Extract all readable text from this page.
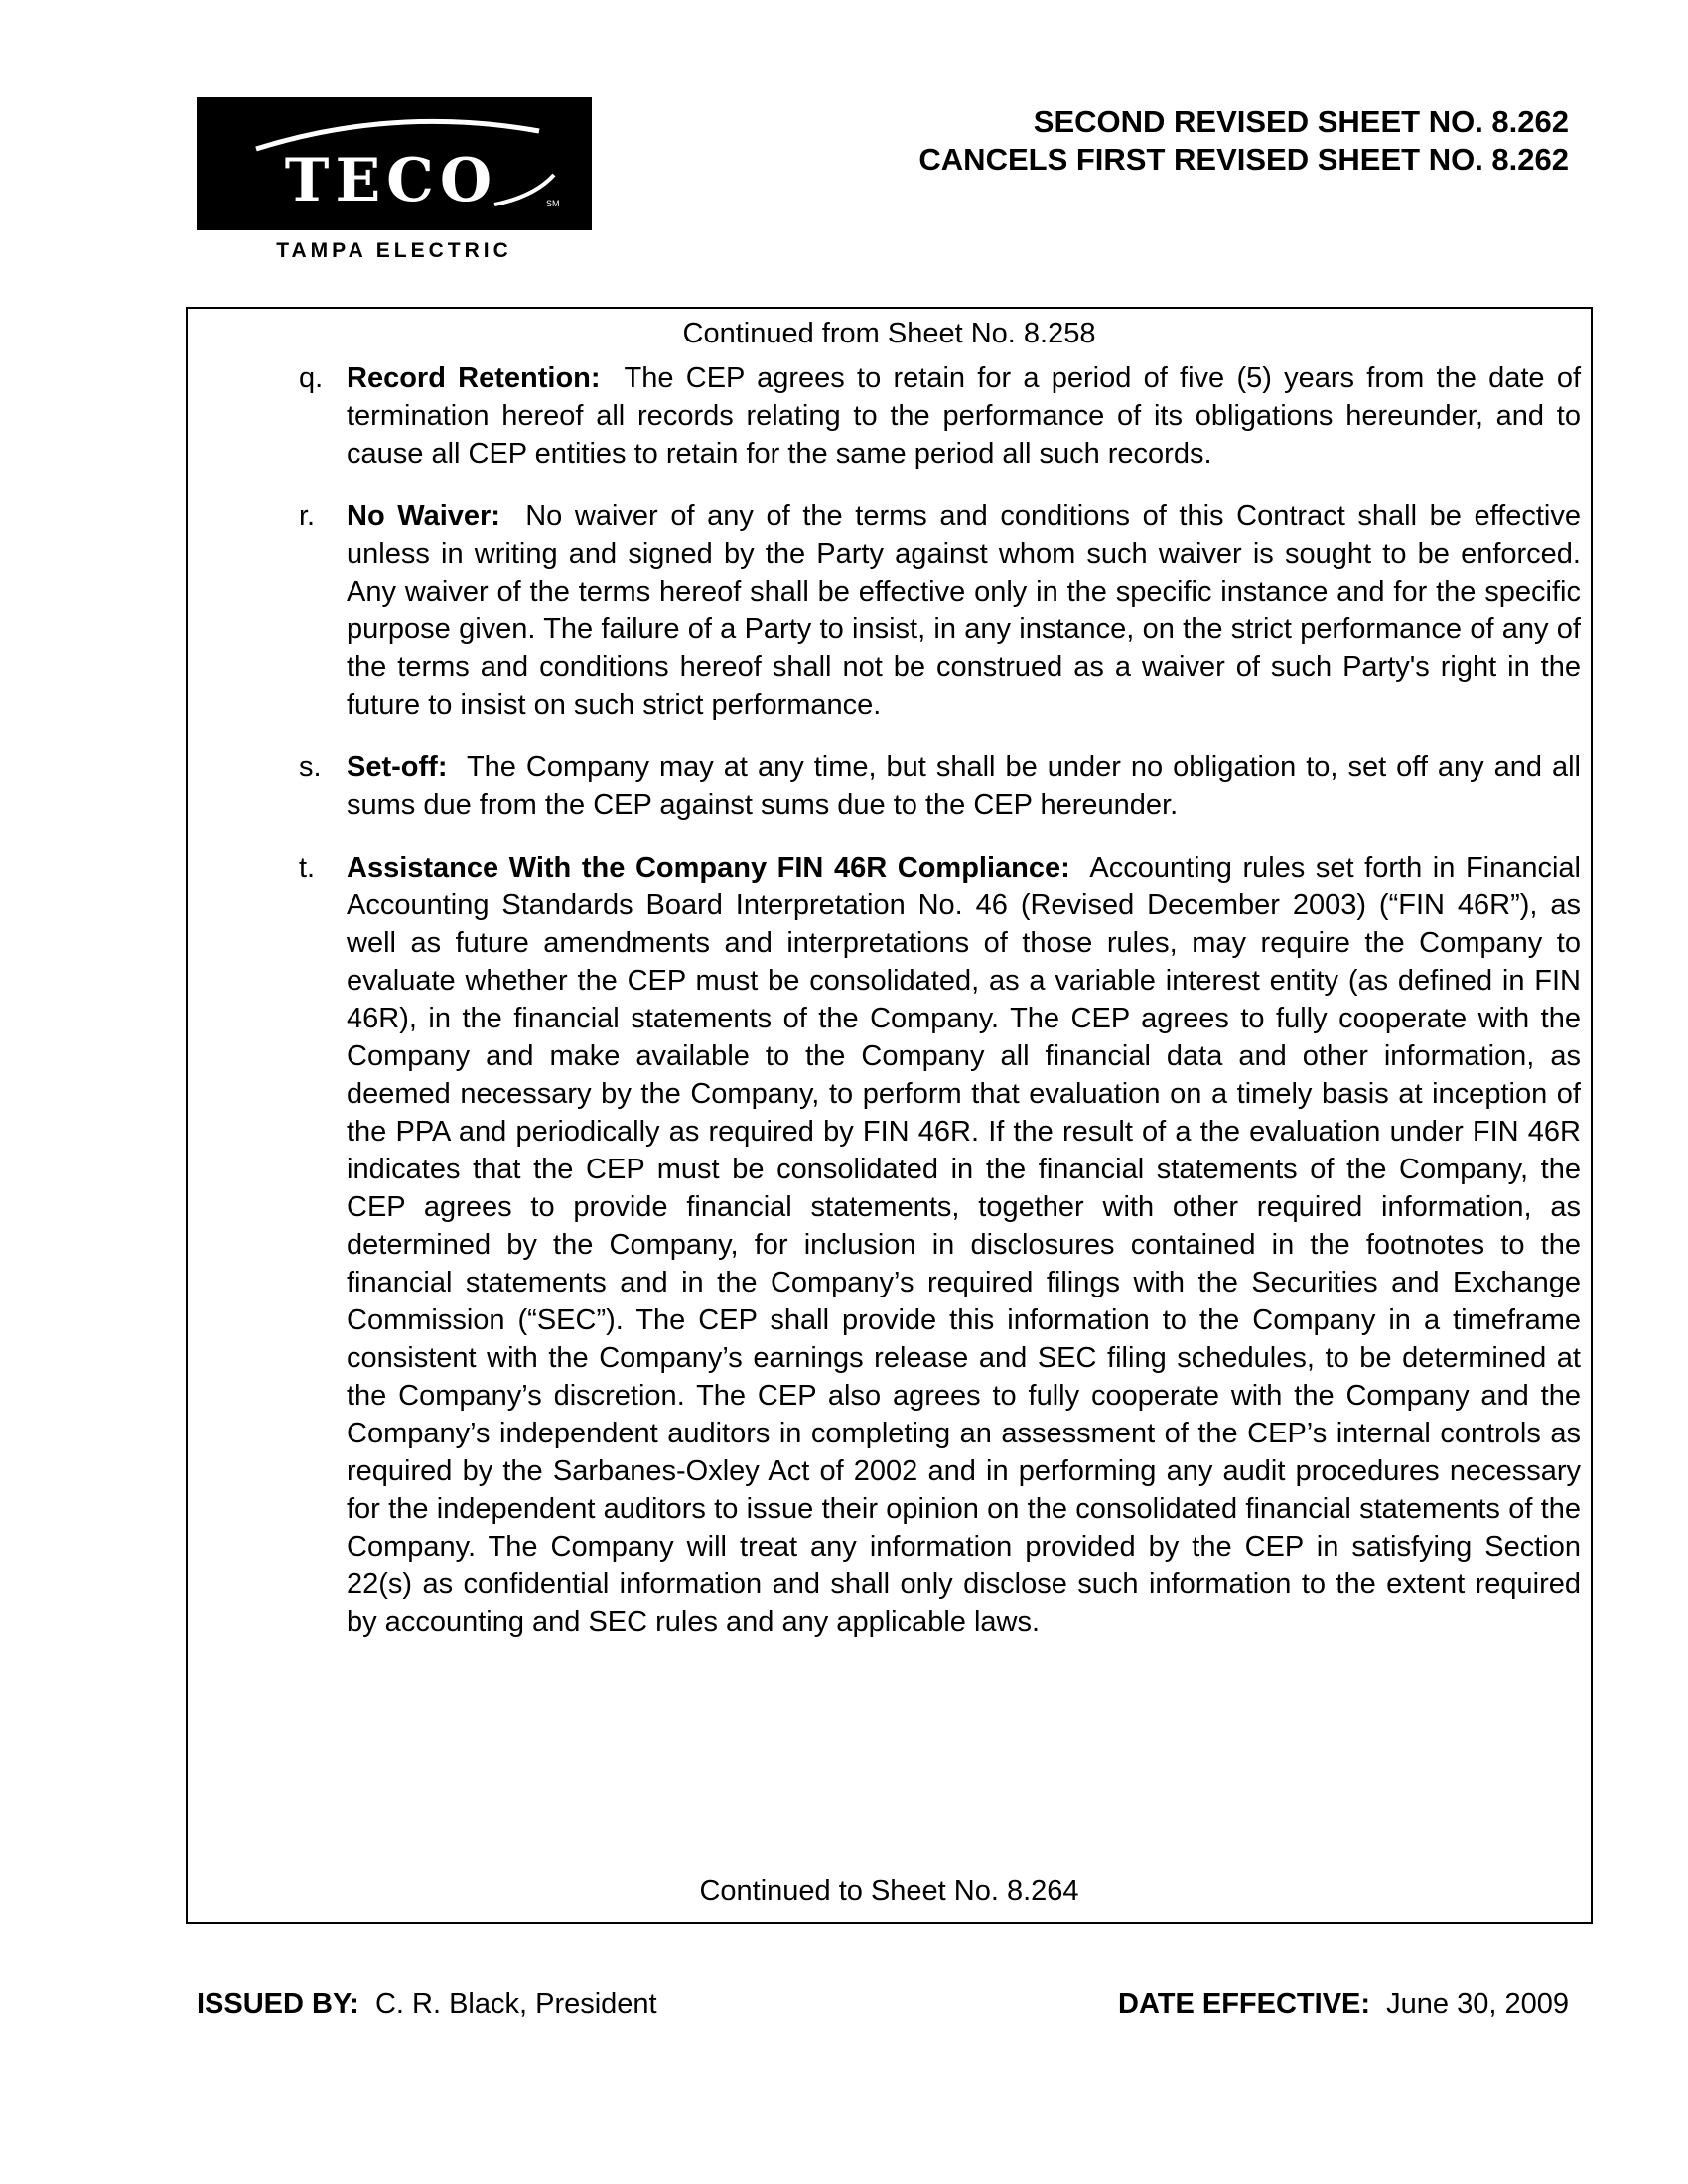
TECO	SM
TAMPA ELECTRIC
SECOND REVISED SHEET NO. 8.262
CANCELS FIRST REVISED SHEET NO. 8.262
Continued from Sheet No. 8.258
q. Record Retention: The CEP agrees to retain for a period of five (5) years from the date of termination hereof all records relating to the performance of its obligations hereunder, and to cause all CEP entities to retain for the same period all such records.
r. No Waiver: No waiver of any of the terms and conditions of this Contract shall be effective unless in writing and signed by the Party against whom such waiver is sought to be enforced. Any waiver of the terms hereof shall be effective only in the specific instance and for the specific purpose given. The failure of a Party to insist, in any instance, on the strict performance of any of the terms and conditions hereof shall not be construed as a waiver of such Party's right in the future to insist on such strict performance.
s. Set-off: The Company may at any time, but shall be under no obligation to, set off any and all sums due from the CEP against sums due to the CEP hereunder.
t. Assistance With the Company FIN 46R Compliance: Accounting rules set forth in Financial Accounting Standards Board Interpretation No. 46 (Revised December 2003) (“FIN 46R”), as well as future amendments and interpretations of those rules, may require the Company to evaluate whether the CEP must be consolidated, as a variable interest entity (as defined in FIN 46R), in the financial statements of the Company. The CEP agrees to fully cooperate with the Company and make available to the Company all financial data and other information, as deemed necessary by the Company, to perform that evaluation on a timely basis at inception of the PPA and periodically as required by FIN 46R. If the result of a the evaluation under FIN 46R indicates that the CEP must be consolidated in the financial statements of the Company, the CEP agrees to provide financial statements, together with other required information, as determined by the Company, for inclusion in disclosures contained in the footnotes to the financial statements and in the Company’s required filings with the Securities and Exchange Commission (“SEC”). The CEP shall provide this information to the Company in a timeframe consistent with the Company’s earnings release and SEC filing schedules, to be determined at the Company’s discretion. The CEP also agrees to fully cooperate with the Company and the Company’s independent auditors in completing an assessment of the CEP’s internal controls as required by the Sarbanes-Oxley Act of 2002 and in performing any audit procedures necessary for the independent auditors to issue their opinion on the consolidated financial statements of the Company. The Company will treat any information provided by the CEP in satisfying Section 22(s) as confidential information and shall only disclose such information to the extent required by accounting and SEC rules and any applicable laws.
Continued to Sheet No. 8.264
ISSUED BY: C. R. Black, President	DATE EFFECTIVE: June 30, 2009
